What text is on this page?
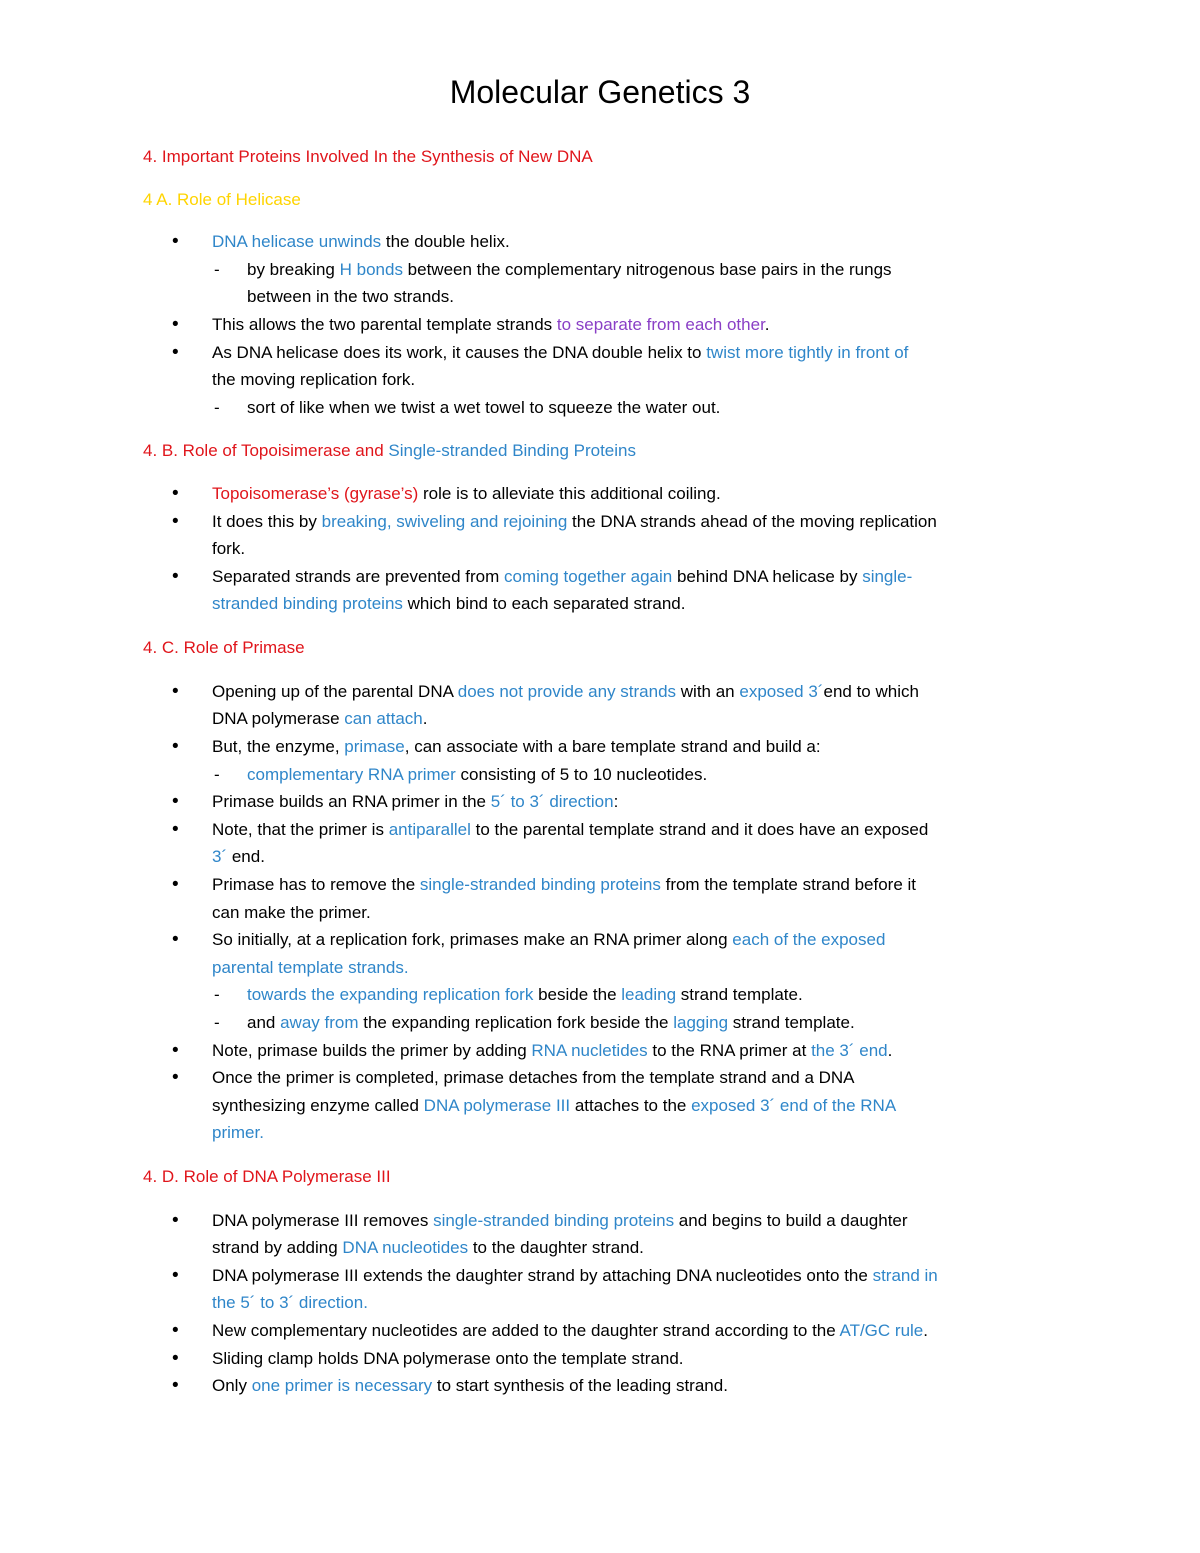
Molecular Genetics 3
4. Important Proteins Involved In the Synthesis of New DNA
4 A. Role of Helicase
• DNA helicase unwinds the double helix.
- by breaking H bonds between the complementary nitrogenous base pairs in the rungs
between in the two strands.
• This allows the two parental template strands to separate from each other.
• As DNA helicase does its work, it causes the DNA double helix to twist more tightly in front of
the moving replication fork.
- sort of like when we twist a wet towel to squeeze the water out.
4. B. Role of Topoisimerase and Single-stranded Binding Proteins
• Topoisomerase’s (gyrase’s) role is to alleviate this additional coiling.
• It does this by breaking, swiveling and rejoining the DNA strands ahead of the moving replication
fork.
• Separated strands are prevented from coming together again behind DNA helicase by single-
stranded binding proteins which bind to each separated strand.
4. C. Role of Primase
• Opening up of the parental DNA does not provide any strands with an exposed 3´end to which
DNA polymerase can attach.
• But, the enzyme, primase, can associate with a bare template strand and build a:
- complementary RNA primer consisting of 5 to 10 nucleotides.
• Primase builds an RNA primer in the 5´ to 3´ direction:
• Note, that the primer is antiparallel to the parental template strand and it does have an exposed
3´ end.
• Primase has to remove the single-stranded binding proteins from the template strand before it
can make the primer.
• So initially, at a replication fork, primases make an RNA primer along each of the exposed
parental template strands.
- towards the expanding replication fork beside the leading strand template.
- and away from the expanding replication fork beside the lagging strand template.
• Note, primase builds the primer by adding RNA nucletides to the RNA primer at the 3´ end.
• Once the primer is completed, primase detaches from the template strand and a DNA
synthesizing enzyme called DNA polymerase III attaches to the exposed 3´ end of the RNA
primer.
4. D. Role of DNA Polymerase III
• DNA polymerase III removes single-stranded binding proteins and begins to build a daughter
strand by adding DNA nucleotides to the daughter strand.
• DNA polymerase III extends the daughter strand by attaching DNA nucleotides onto the strand in
the 5´ to 3´ direction.
• New complementary nucleotides are added to the daughter strand according to the AT/GC rule.
• Sliding clamp holds DNA polymerase onto the template strand.
• Only one primer is necessary to start synthesis of the leading strand.
